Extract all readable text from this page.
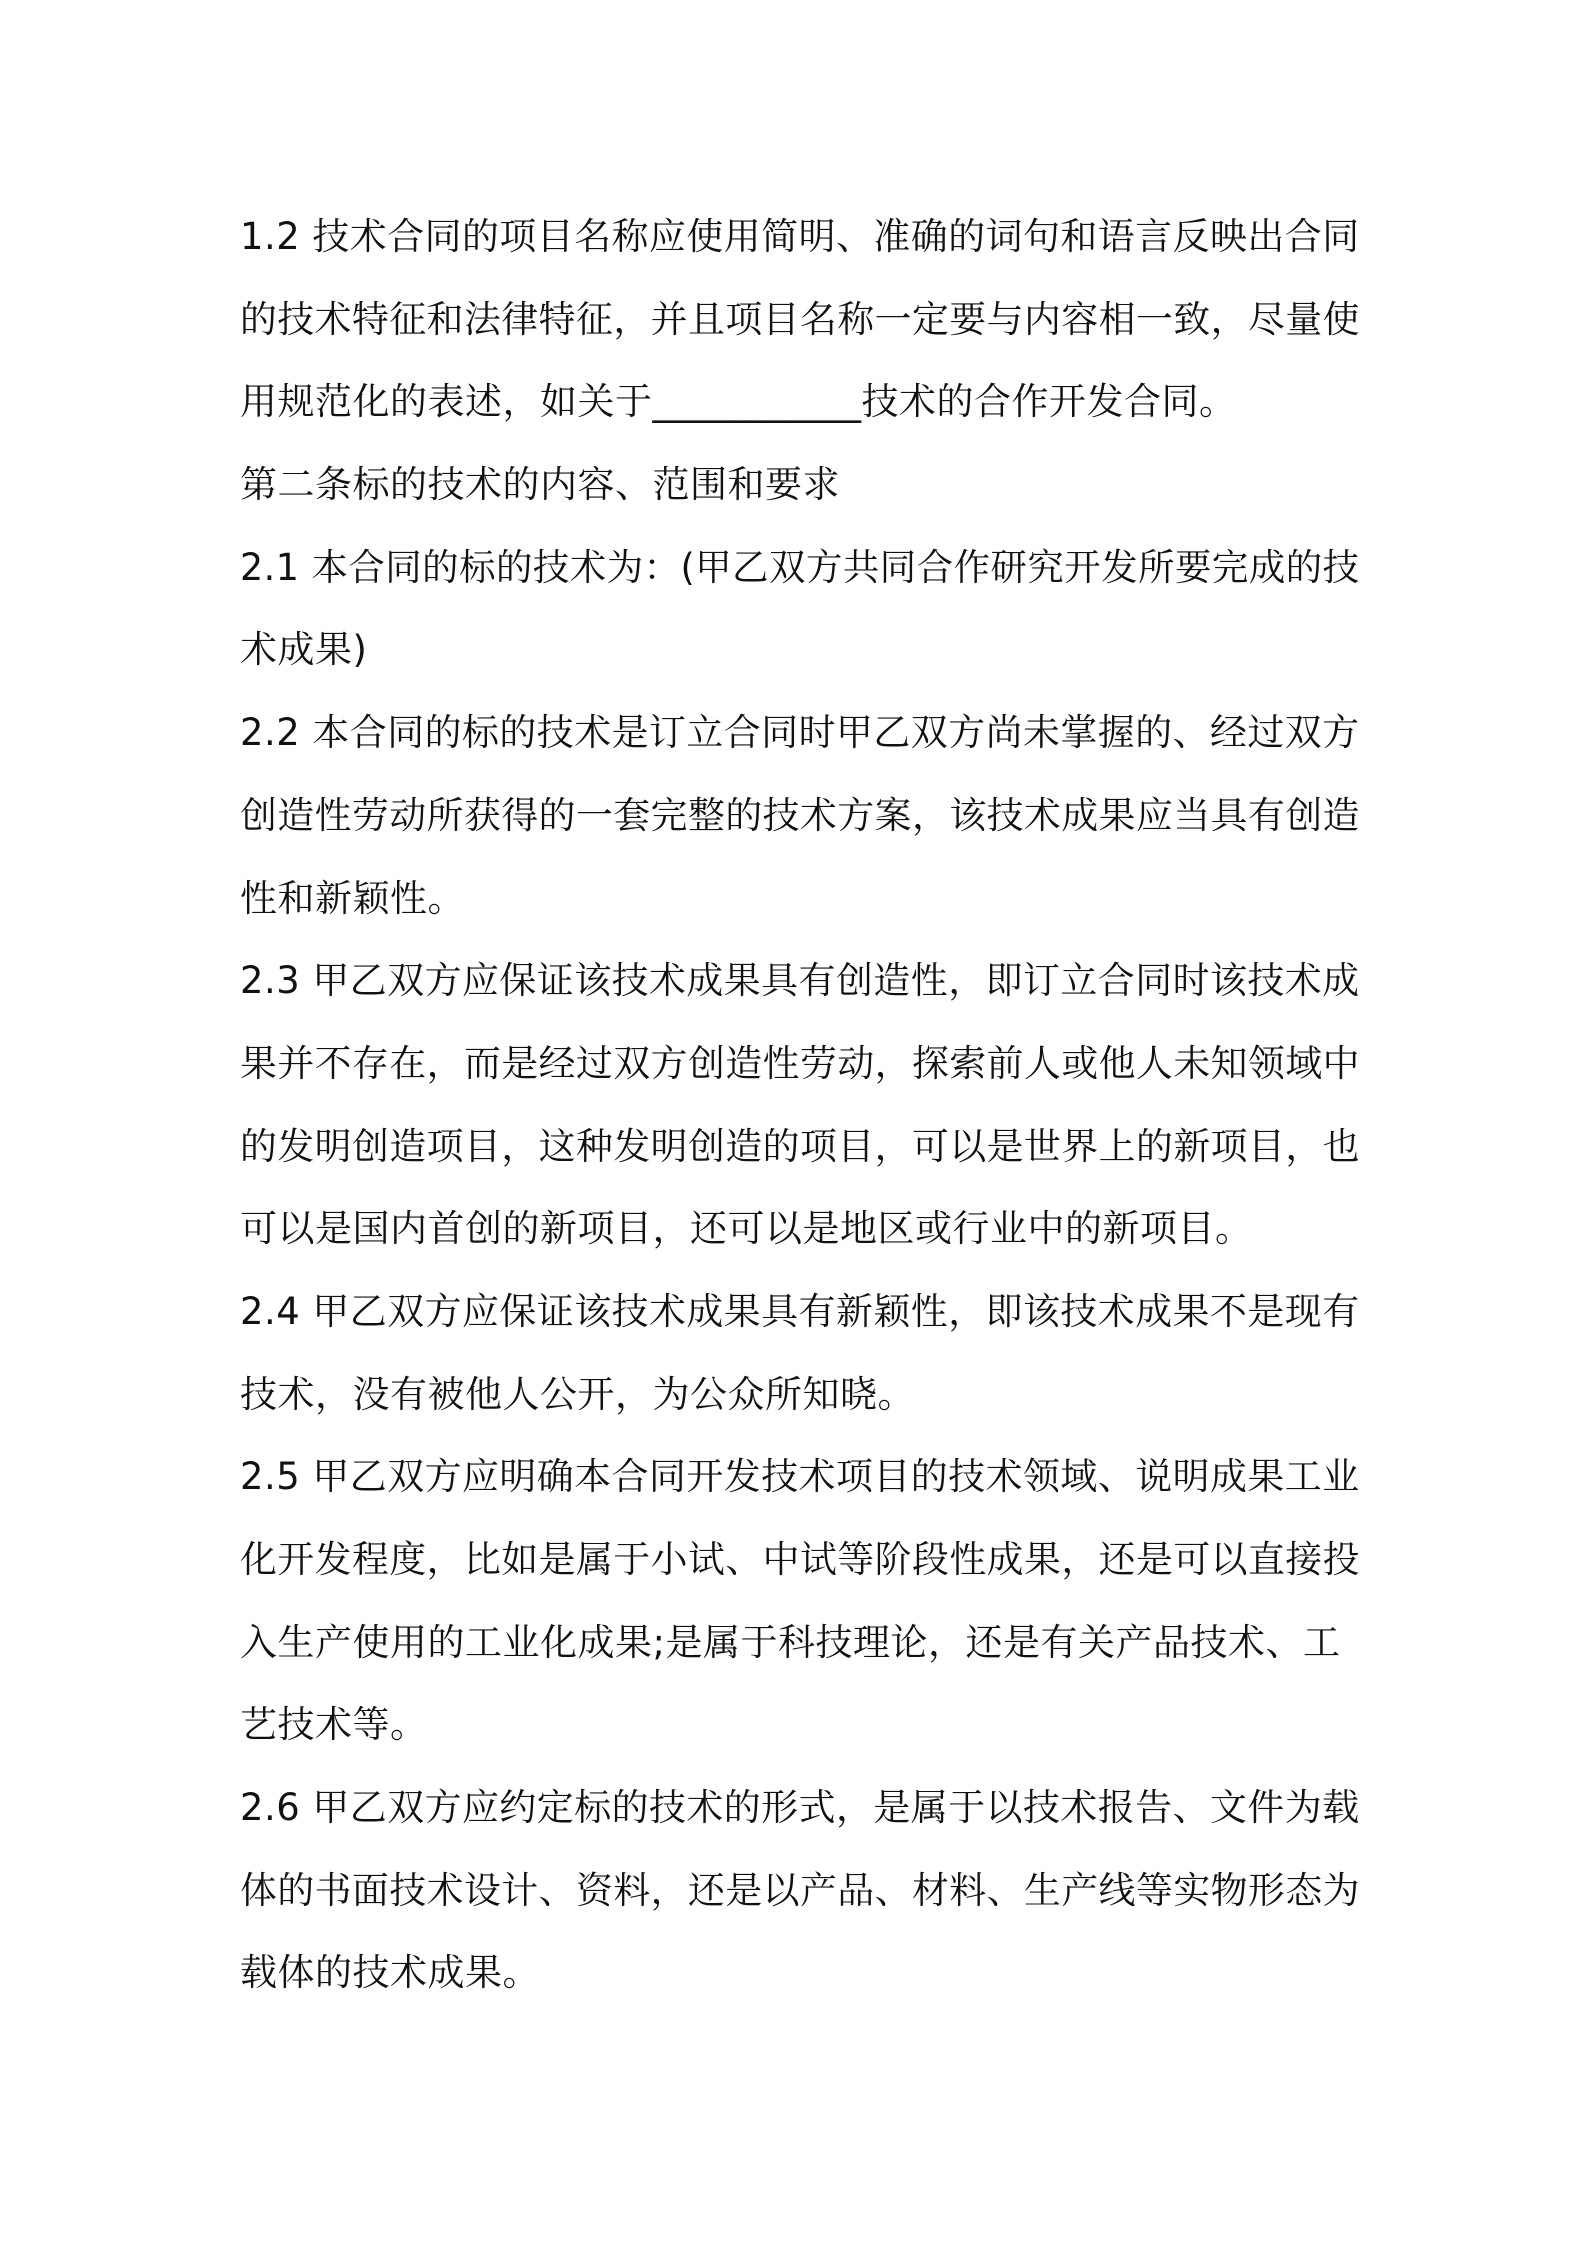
1.2 技术合同的项目名称应使用简明、准确的词句和语言反映出合同
的技术特征和法律特征，并且项目名称一定要与内容相一致，尽量使
用规范化的表述，如关于___________技术的合作开发合同。
第二条标的技术的内容、范围和要求
2.1 本合同的标的技术为：(甲乙双方共同合作研究开发所要完成的技
术成果)
2.2 本合同的标的技术是订立合同时甲乙双方尚未掌握的、经过双方
创造性劳动所获得的一套完整的技术方案，该技术成果应当具有创造
性和新颖性。
2.3 甲乙双方应保证该技术成果具有创造性，即订立合同时该技术成
果并不存在，而是经过双方创造性劳动，探索前人或他人未知领域中
的发明创造项目，这种发明创造的项目，可以是世界上的新项目，也
可以是国内首创的新项目，还可以是地区或行业中的新项目。
2.4 甲乙双方应保证该技术成果具有新颖性，即该技术成果不是现有
技术，没有被他人公开，为公众所知晓。
2.5 甲乙双方应明确本合同开发技术项目的技术领域、说明成果工业
化开发程度，比如是属于小试、中试等阶段性成果，还是可以直接投
入生产使用的工业化成果;是属于科技理论，还是有关产品技术、工
艺技术等。
2.6 甲乙双方应约定标的技术的形式，是属于以技术报告、文件为载
体的书面技术设计、资料，还是以产品、材料、生产线等实物形态为
载体的技术成果。
